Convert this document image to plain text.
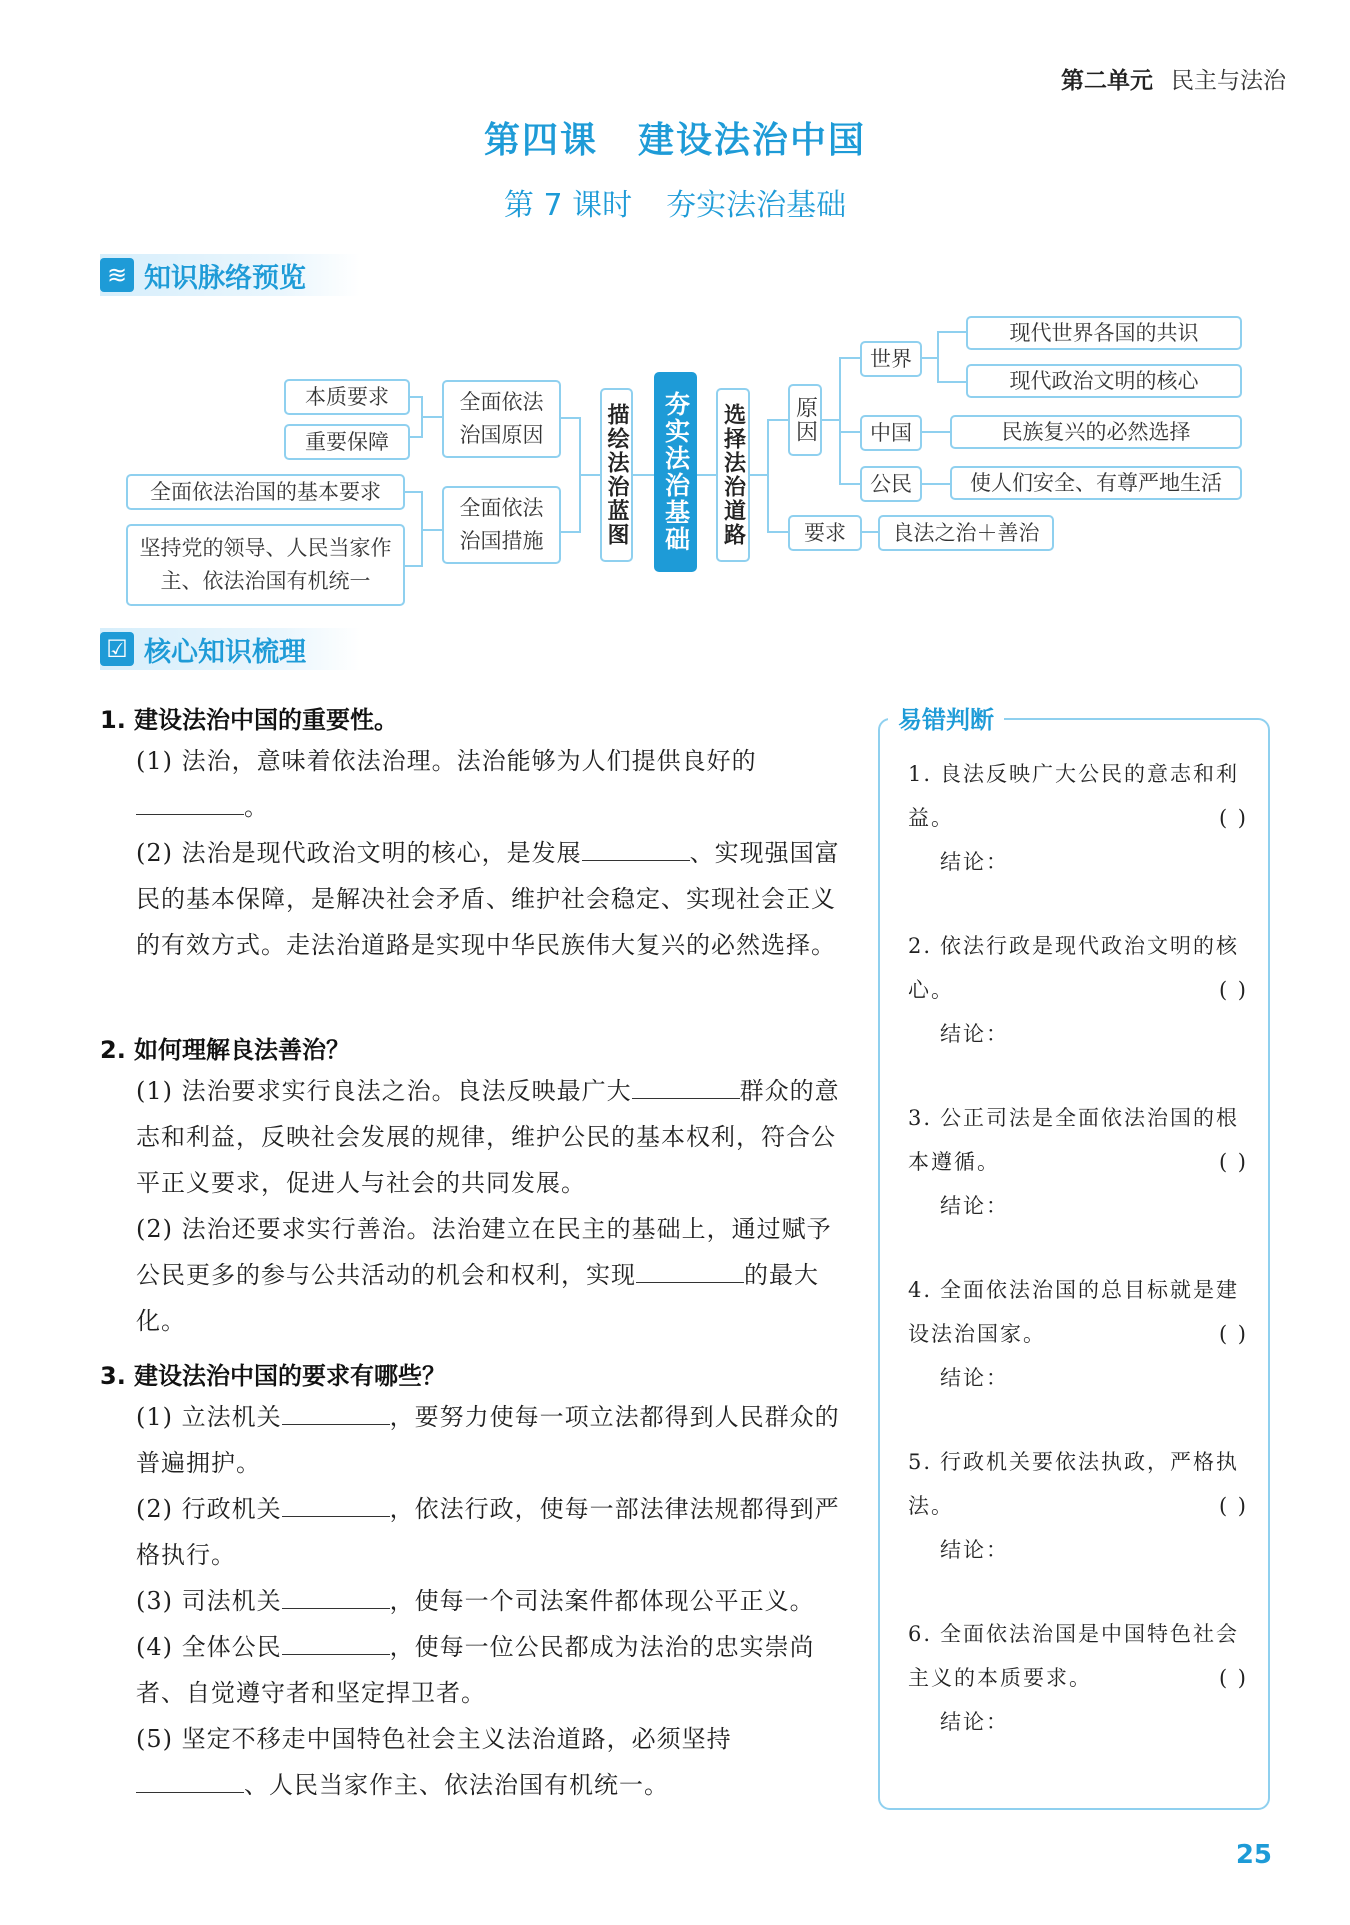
第二单元 民主与法治
第四课 建设法治中国
第 7 课时 夯实法治基础
≋ 知识脉络预览
本质要求
重要保障
全面依法治国原因
全面依法治国的基本要求
坚持党的领导、人民当家作主、依法治国有机统一
全面依法治国措施	描绘法治蓝图	夯实法治基础 选择法治道路 原因
世界
现代世界各国的共识
现代政治文明的核心
中国	民族复兴的必然选择
公民	使人们安全、有尊严地生活
要求	良法之治＋善治
☑ 核心知识梳理
1. 建设法治中国的重要性。
(1) 法治，意味着依法治理。法治能够为人们提供良好的
。
(2) 法治是现代政治文明的核心，是发展	、实现强国富民的基本保障，是解决社会矛盾、维护社会稳定、实现社会正义的有效方式。走法治道路是实现中华民族伟大复兴的必然选择。
2. 如何理解良法善治？
(1) 法治要求实行良法之治。良法反映最广大	群众的意志和利益，反映社会发展的规律，维护公民的基本权利，符合公平正义要求，促进人与社会的共同发展。
(2) 法治还要求实行善治。法治建立在民主的基础上，通过赋予公民更多的参与公共活动的机会和权利，实现	的最大化。
3. 建设法治中国的要求有哪些？
(1) 立法机关	，要努力使每一项立法都得到人民群众的普遍拥护。
(2) 行政机关	，依法行政，使每一部法律法规都得到严格执行。
(3) 司法机关	，使每一个司法案件都体现公平正义。
(4) 全体公民	，使每一位公民都成为法治的忠实崇尚者、自觉遵守者和坚定捍卫者。
(5) 坚定不移走中国特色社会主义法治道路，必须坚持
、人民当家作主、依法治国有机统一。
易错判断
1. 良法反映广大公民的意志和利益。	( )
结论：
2. 依法行政是现代政治文明的核心。	( )
结论：
3. 公正司法是全面依法治国的根本遵循。	( )
结论：
4. 全面依法治国的总目标就是建设法治国家。	( )
结论：
5. 行政机关要依法执政，严格执法。	( )
结论：
6. 全面依法治国是中国特色社会主义的本质要求。	( )
结论：
25
